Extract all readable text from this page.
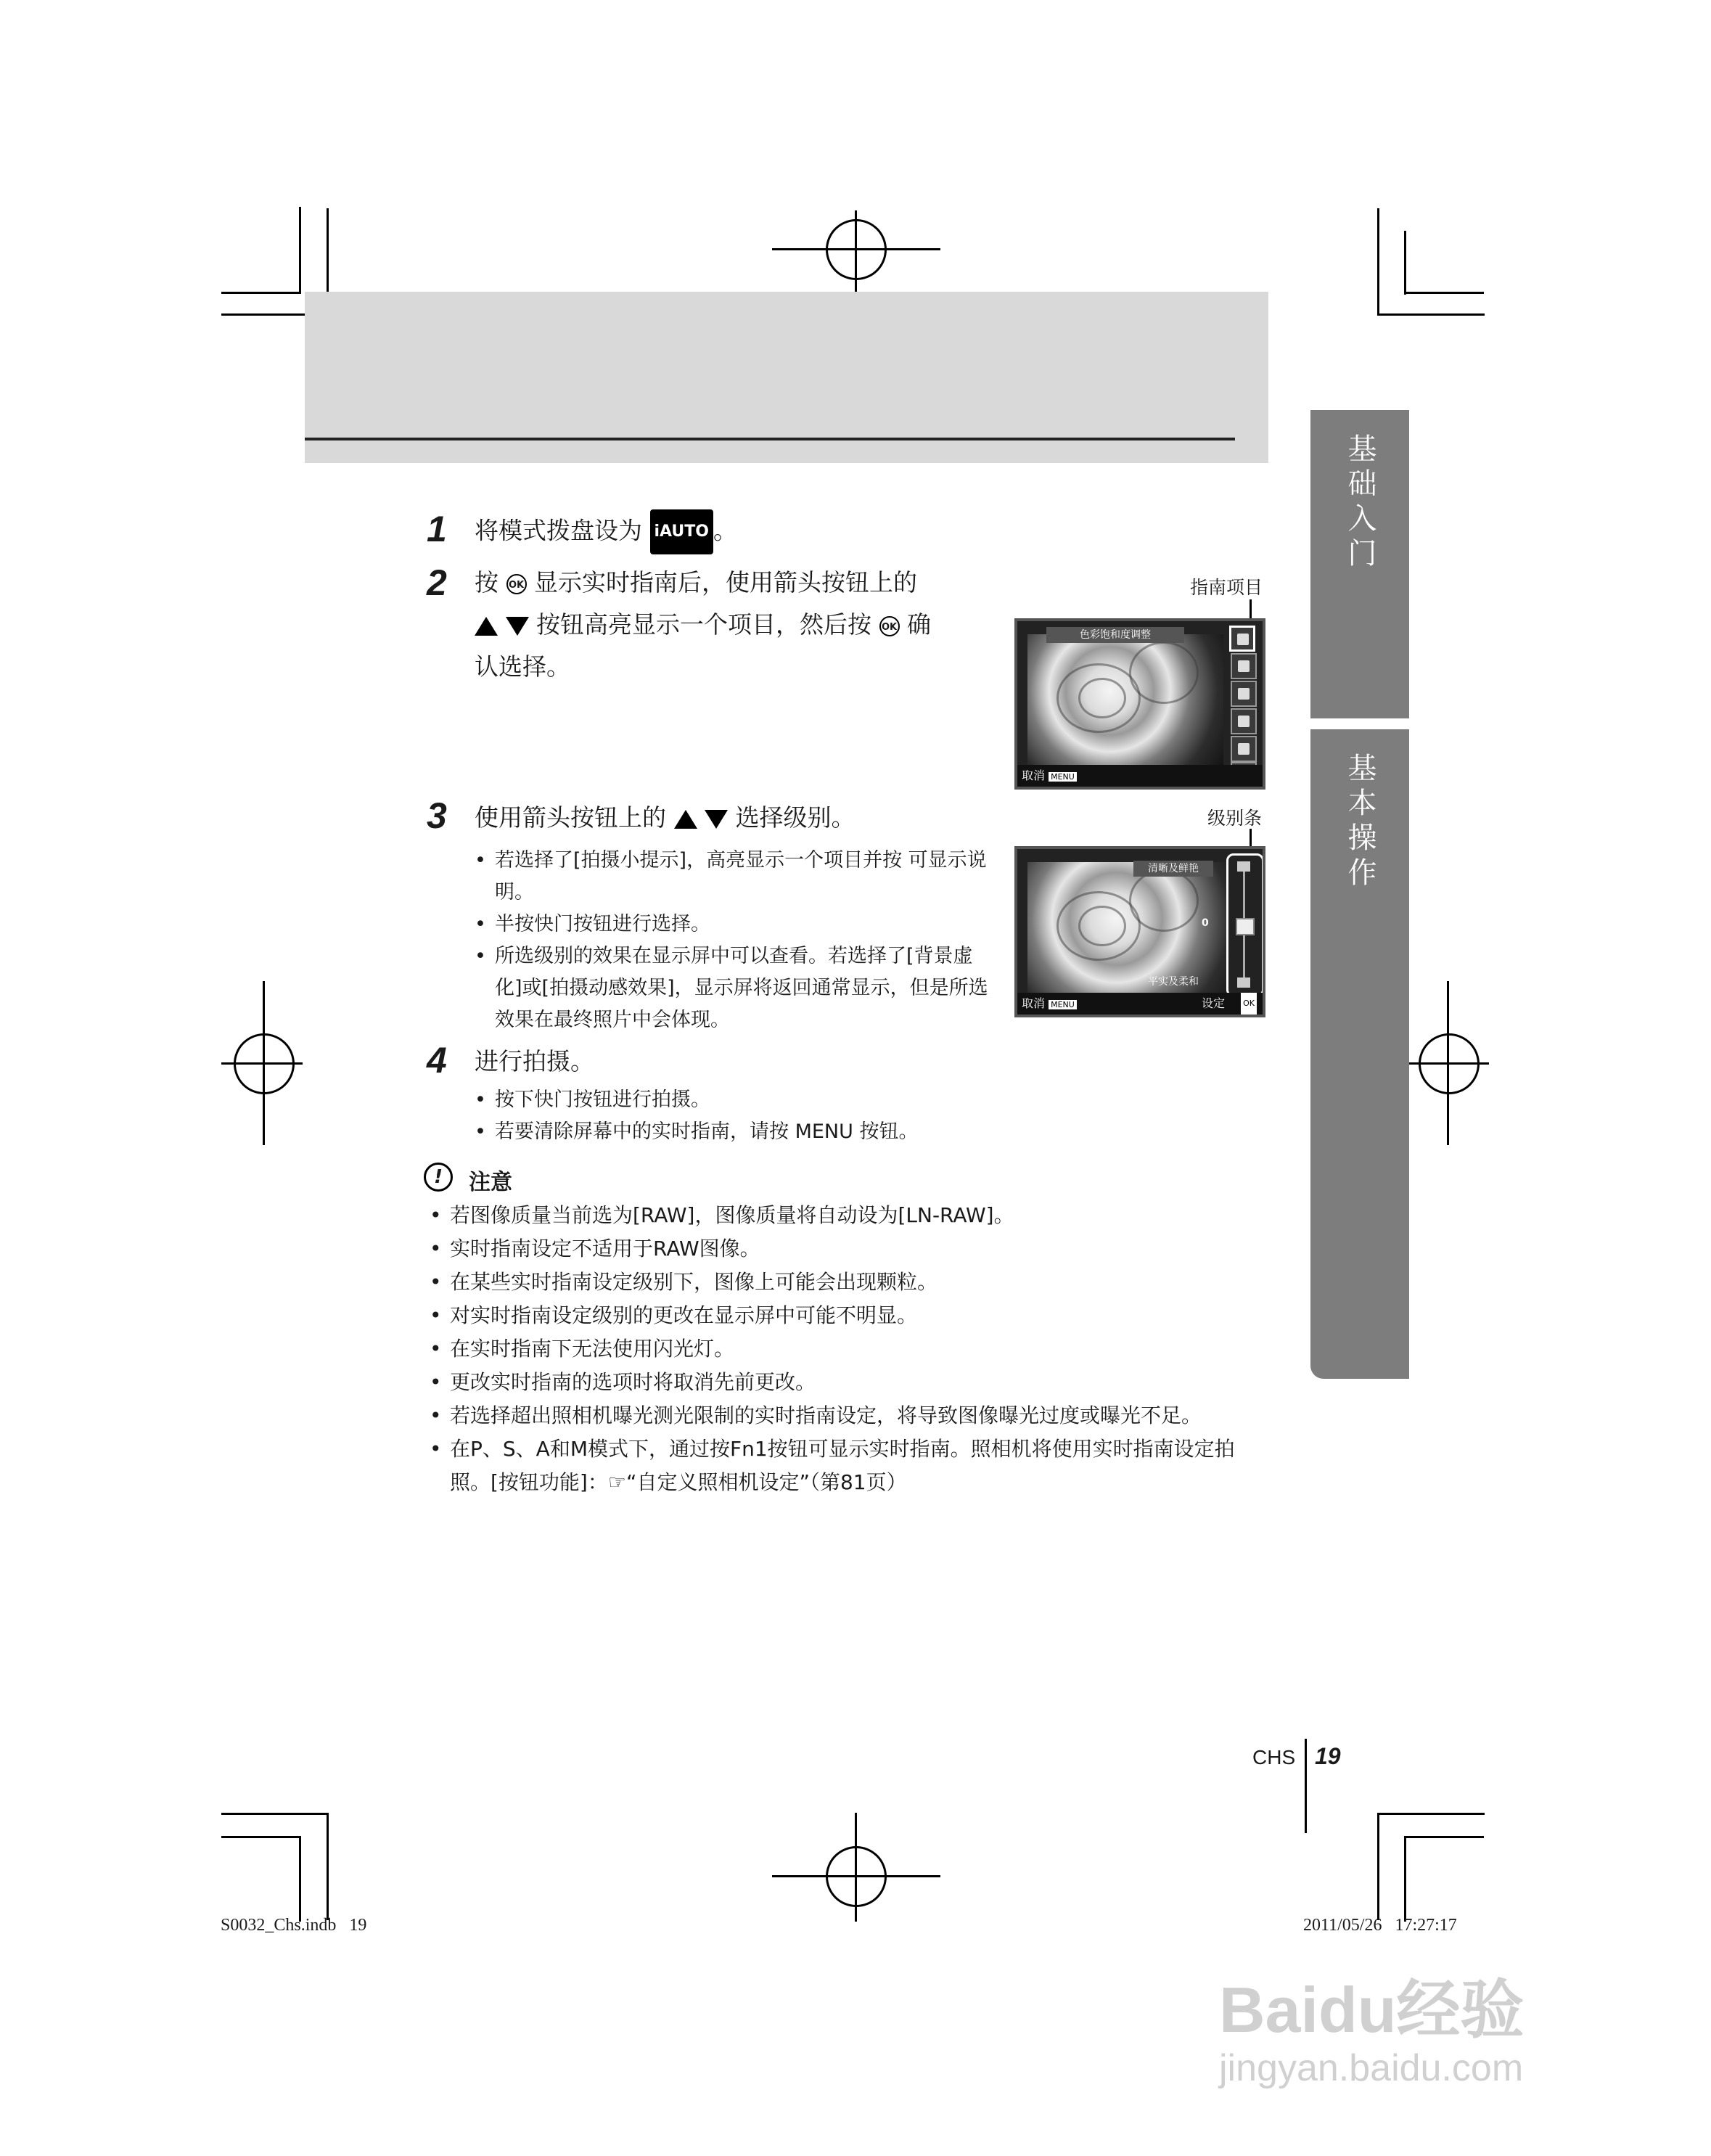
基础入门
基本操作
1 将模式拨盘设为 iAUTO 。
2 按 OK 显示实时指南后，使用箭头按钮上的
按钮高亮显示一个项目，然后按 OK 确
认选择。
指南项目
色彩饱和度调整
取消 MENU
3 使用箭头按钮上的	选择级别。
• 若选择了[拍摄小提示]，高亮显示一个项目并按 可显示说明。
• 半按快门按钮进行选择。
• 所选级别的效果在显示屏中可以查看。若选择了[背景虚化]或[拍摄动感效果]，显示屏将返回通常显示，但是所选效果在最终照片中会体现。
级别条
清晰及鲜艳
平实及柔和
0
取消 MENU	设定 OK
4 进行拍摄。
• 按下快门按钮进行拍摄。
• 若要清除屏幕中的实时指南，请按 MENU 按钮。
!	注意
• 若图像质量当前选为[RAW]，图像质量将自动设为[LN-RAW]。
• 实时指南设定不适用于RAW图像。
• 在某些实时指南设定级别下，图像上可能会出现颗粒。
• 对实时指南设定级别的更改在显示屏中可能不明显。
• 在实时指南下无法使用闪光灯。
• 更改实时指南的选项时将取消先前更改。
• 若选择超出照相机曝光测光限制的实时指南设定，将导致图像曝光过度或曝光不足。
• 在P、S、A和M模式下，通过按Fn1按钮可显示实时指南。照相机将使用实时指南设定拍照。[按钮功能]：☞“自定义照相机设定”（第81页）
CHS 19
S0032_Chs.indb   19	2011/05/26   17:27:17
Baidu经验
jingyan.baidu.com
